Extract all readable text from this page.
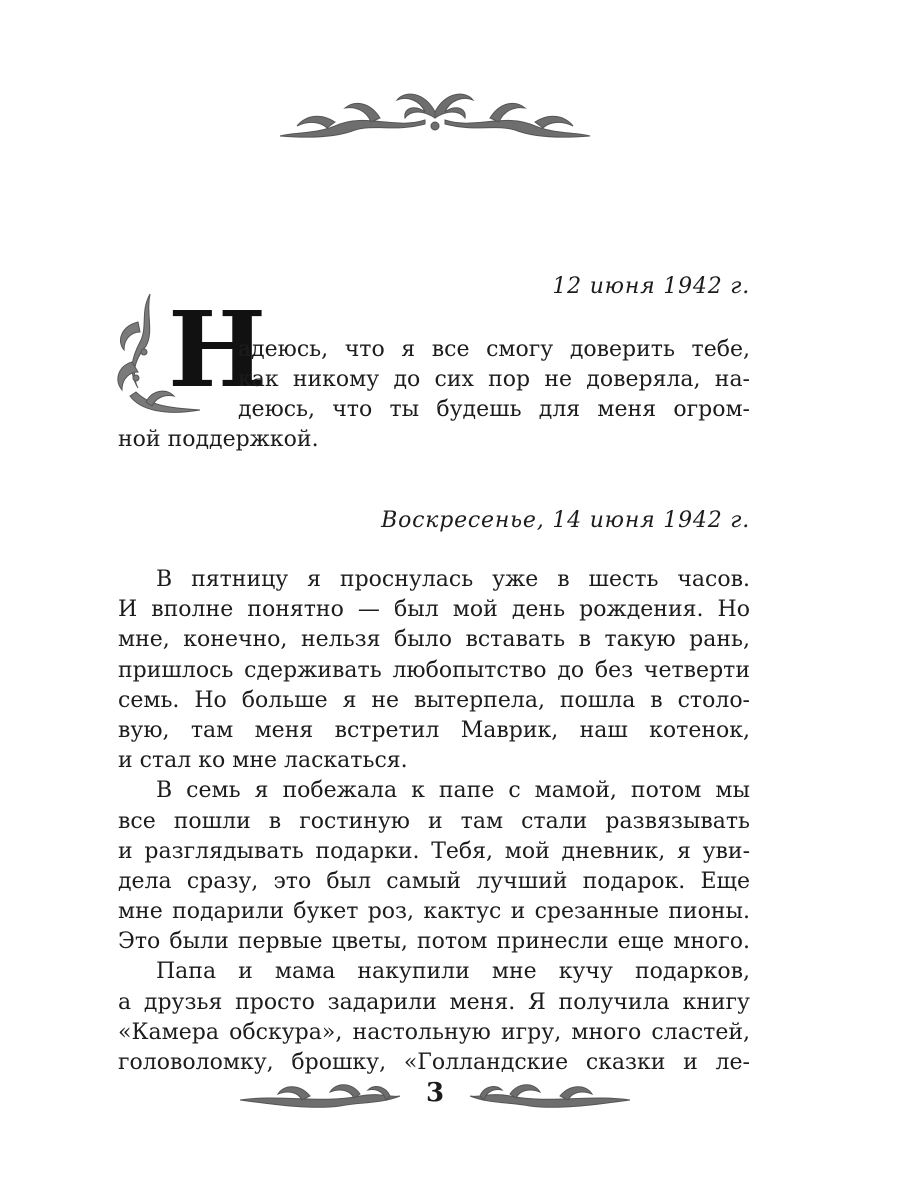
12 июня 1942 г.
Н
адеюсь, что я все смогу доверить тебе,
как никому до сих пор не доверяла, на-
деюсь, что ты будешь для меня огром-
ной поддержкой.
Воскресенье, 14 июня 1942 г.
В пятницу я проснулась уже в шесть часов.
И вполне понятно — был мой день рождения. Но
мне, конечно, нельзя было вставать в такую рань,
пришлось сдерживать любопытство до без четверти
семь. Но больше я не вытерпела, пошла в столо-
вую, там меня встретил Маврик, наш котенок,
и стал ко мне ласкаться.
В семь я побежала к папе с мамой, потом мы
все пошли в гостиную и там стали развязывать
и разглядывать подарки. Тебя, мой дневник, я уви-
дела сразу, это был самый лучший подарок. Еще
мне подарили букет роз, кактус и срезанные пионы.
Это были первые цветы, потом принесли еще много.
Папа и мама накупили мне кучу подарков,
а друзья просто задарили меня. Я получила книгу
«Камера обскура», настольную игру, много сластей,
головоломку, брошку, «Голландские сказки и ле-
3
